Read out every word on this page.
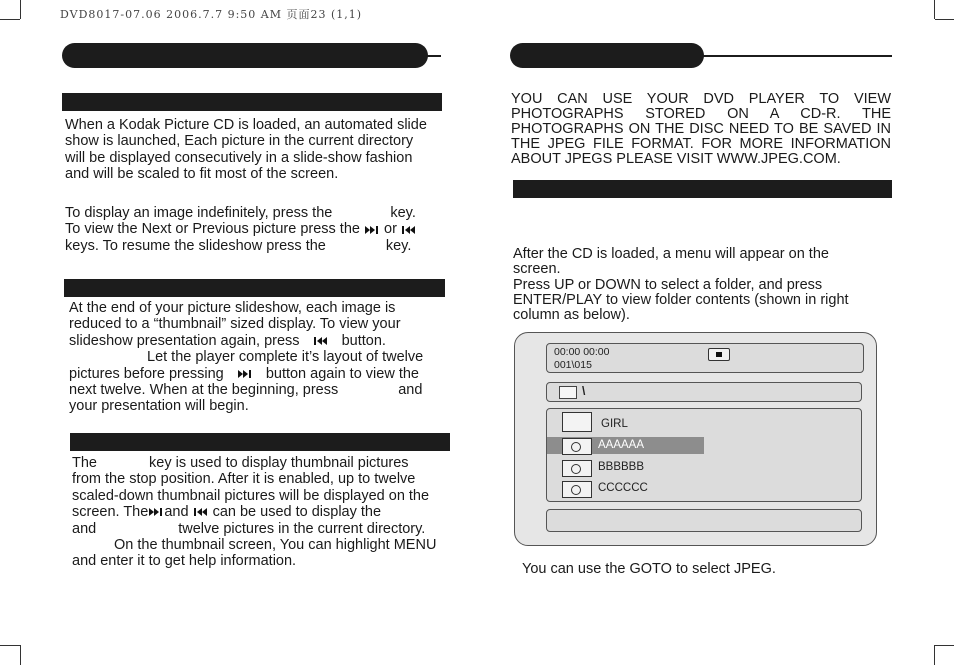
DVD8017-07.06 2006.7.7 9:50 AM 页面23 (1,1)
When a Kodak Picture CD is loaded, an automated slide
show is launched, Each picture in the current directory
will be displayed consecutively in a slide-show fashion
and will be scaled to fit most of the screen.
To display an image indefinitely, press the	key.
To view the Next or Previous picture press the or
keys. To resume the slideshow press the	key.
At the end of your picture slideshow, each image is
reduced to a “thumbnail” sized display. To view your
slideshow presentation again, press	button.
Let the player complete it’s layout of twelve
pictures before pressing	button again to view the
next twelve. When at the beginning, press	and
your presentation will begin.
The	key is used to display thumbnail pictures
from the stop position. After it is enabled, up to twelve
scaled-down thumbnail pictures will be displayed on the
screen. The and can be used to display the
and	twelve pictures in the current directory.
On the thumbnail screen, You can highlight MENU
and enter it to get help information.
YOU CAN USE YOUR DVD PLAYER TO VIEW PHOTOGRAPHS STORED ON A CD-R. THE PHOTOGRAPHS ON THE DISC NEED TO BE SAVED IN THE JPEG FILE FORMAT. FOR MORE INFORMATION ABOUT JPEGS PLEASE VISIT WWW.JPEG.COM.
After the CD is loaded, a menu will appear on the
screen.
Press UP or DOWN to select a folder, and press
ENTER/PLAY to view folder contents (shown in right
column as below).
00:00 00:00
001\015
\
GIRL
AAAAAA
BBBBBB
CCCCCC
You can use the GOTO to select JPEG.
